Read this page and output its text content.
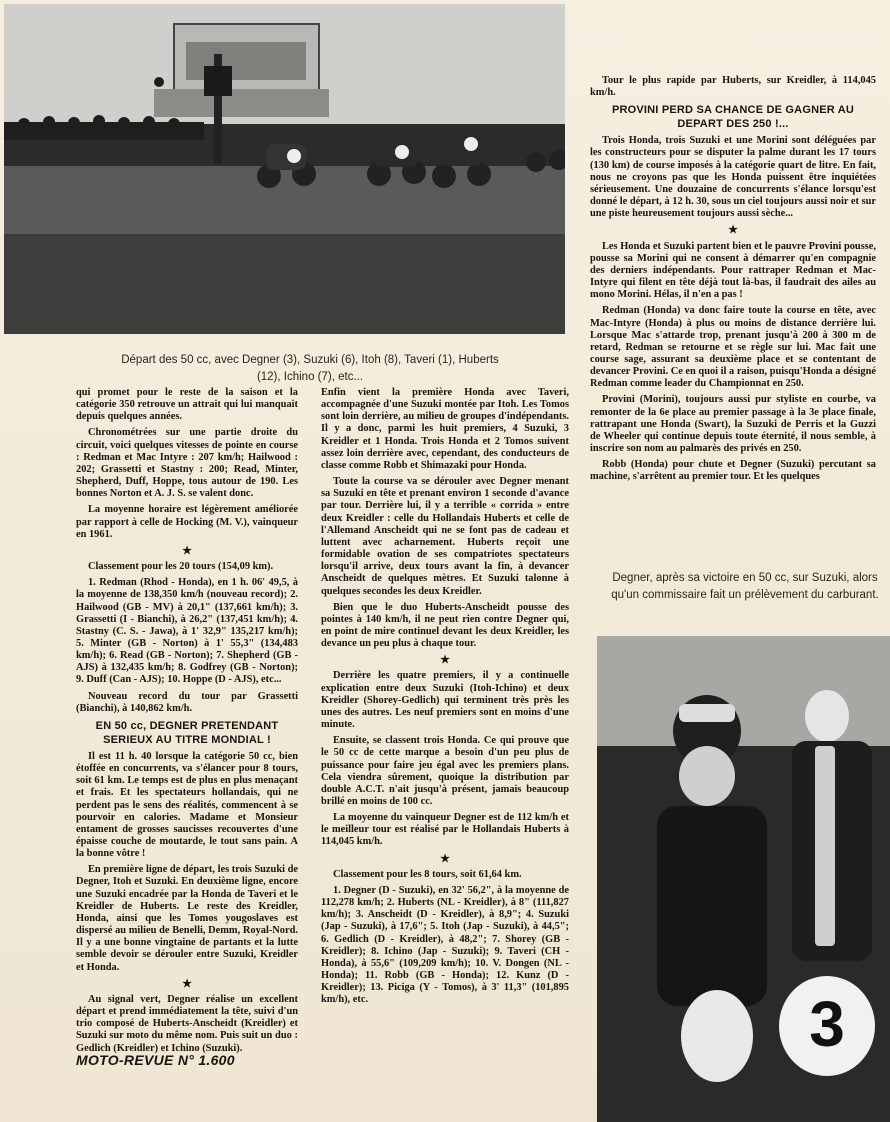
Départ des 50 cc, avec Degner (3), Suzuki (6), Itoh (8), Taveri (1), Huberts (12), Ichino (7), etc...

qui promet pour le reste de la saison et la catégorie 350 retrouve un attrait qui lui manquait depuis quelques années.

Chronométrées sur une partie droite du circuit, voici quelques vitesses de pointe en course : Redman et Mac Intyre : 207 km/h; Hailwood : 202; Grassetti et Stastny : 200; Read, Minter, Shepherd, Duff, Hoppe, tous autour de 190. Les bonnes Norton et A. J. S. se valent donc.

La moyenne horaire est légèrement améliorée par rapport à celle de Hocking (M. V.), vainqueur en 1961.

★

Classement pour les 20 tours (154,09 km).

1. Redman (Rhod - Honda), en 1 h. 06' 49,5, à la moyenne de 138,350 km/h (nouveau record); 2. Hailwood (GB - MV) à 20,1" (137,661 km/h); 3. Grassetti (I - Bianchi), à 26,2" (137,451 km/h); 4. Stastny (C. S. - Jawa), à 1' 32,9" 135,217 km/h); 5. Minter (GB - Norton) à 1' 55,3" (134,483 km/h); 6. Read (GB - Norton); 7. Shepherd (GB - AJS) à 132,435 km/h; 8. Godfrey (GB - Norton); 9. Duff (Can - AJS); 10. Hoppe (D - AJS), etc...

Nouveau record du tour par Grassetti (Bianchi), à 140,862 km/h.

EN 50 cc, DEGNER PRETENDANT SERIEUX AU TITRE MONDIAL !

Il est 11 h. 40 lorsque la catégorie 50 cc, bien étoffée en concurrents, va s'élancer pour 8 tours, soit 61 km. Le temps est de plus en plus menaçant et frais. Et les spectateurs hollandais, qui ne perdent pas le sens des réalités, commencent à se pourvoir en calories. Madame et Monsieur entament de grosses saucisses recouvertes d'une épaisse couche de moutarde, le tout sans pain. A la bonne vôtre !

En première ligne de départ, les trois Suzuki de Degner, Itoh et Suzuki. En deuxième ligne, encore une Suzuki encadrée par la Honda de Taveri et le Kreidler de Huberts. Le reste des Kreidler, Honda, ainsi que les Tomos yougoslaves est dispersé au milieu de Benelli, Demm, Royal-Nord. Il y a une bonne vingtaine de partants et la lutte semble devoir se dérouler entre Suzuki, Kreidler et Honda.

★

Au signal vert, Degner réalise un excellent départ et prend immédiatement la tête, suivi d'un trio composé de Huberts-Anscheidt (Kreidler) et Suzuki sur moto du même nom. Puis suit un duo : Gedlich (Kreidler) et Ichino (Suzuki).

Enfin vient la première Honda avec Taveri, accompagnée d'une Suzuki montée par Itoh. Les Tomos sont loin derrière, au milieu de groupes d'indépendants. Il y a donc, parmi les huit premiers, 4 Suzuki, 3 Kreidler et 1 Honda. Trois Honda et 2 Tomos suivent assez loin derrière avec, cependant, des conducteurs de classe comme Robb et Shimazaki pour Honda.

Toute la course va se dérouler avec Degner menant sa Suzuki en tête et prenant environ 1 seconde d'avance par tour. Derrière lui, il y a terrible « corrida » entre deux Kreidler : celle du Hollandais Huberts et celle de l'Allemand Anscheidt qui ne se font pas de cadeau et luttent avec acharnement. Huberts reçoit une formidable ovation de ses compatriotes spectateurs lorsqu'il arrive, deux tours avant la fin, à devancer Anscheidt de quelques mètres. Et Suzuki talonne à quelques secondes les deux Kreidler.

Bien que le duo Huberts-Anscheidt pousse des pointes à 140 km/h, il ne peut rien contre Degner qui, en point de mire continuel devant les deux Kreidler, les devance un peu plus à chaque tour.

★

Derrière les quatre premiers, il y a continuelle explication entre deux Suzuki (Itoh-Ichino) et deux Kreidler (Shorey-Gedlich) qui terminent très près les unes des autres. Les neuf premiers sont en moins d'une minute.

Ensuite, se classent trois Honda. Ce qui prouve que le 50 cc de cette marque a besoin d'un peu plus de puissance pour faire jeu égal avec les premiers plans. Cela viendra sûrement, quoique la distribution par double A.C.T. n'ait jusqu'à présent, jamais beaucoup brillé en moins de 100 cc.

La moyenne du vainqueur Degner est de 112 km/h et le meilleur tour est réalisé par le Hollandais Huberts à 114,045 km/h.

★

Classement pour les 8 tours, soit 61,64 km.

1. Degner (D - Suzuki), en 32' 56,2", à la moyenne de 112,278 km/h; 2. Huberts (NL - Kreidler), à 8" (111,827 km/h); 3. Anscheidt (D - Kreidler), à 8,9"; 4. Suzuki (Jap - Suzuki), à 17,6"; 5. Itoh (Jap - Suzuki), à 44,5"; 6. Gedlich (D - Kreidler), à 48,2"; 7. Shorey (GB - Kreidler); 8. Ichino (Jap - Suzuki); 9. Taveri (CH - Honda), à 55,6" (109,209 km/h); 10. V. Dongen (NL - Honda); 11. Robb (GB - Honda); 12. Kunz (D - Kreidler); 13. Piciga (Y - Tomos), à 3' 11,3" (101,895 km/h), etc.

Tour le plus rapide par Huberts, sur Kreidler, à 114,045 km/h.

PROVINI PERD SA CHANCE DE GAGNER AU DEPART DES 250 !...

Trois Honda, trois Suzuki et une Morini sont déléguées par les constructeurs pour se disputer la palme durant les 17 tours (130 km) de course imposés à la catégorie quart de litre. En fait, nous ne croyons pas que les Honda puissent être inquiétées sérieusement. Une douzaine de concurrents s'élance lorsqu'est donné le départ, à 12 h. 30, sous un ciel toujours aussi noir et sur une piste heureusement toujours aussi sèche...

★

Les Honda et Suzuki partent bien et le pauvre Provini pousse, pousse sa Morini qui ne consent à démarrer qu'en compagnie des derniers indépendants. Pour rattraper Redman et Mac-Intyre qui filent en tête déjà tout là-bas, il faudrait des ailes au mono Morini. Hélas, il n'en a pas !

Redman (Honda) va donc faire toute la course en tête, avec Mac-Intyre (Honda) à plus ou moins de distance derrière lui. Lorsque Mac s'attarde trop, prenant jusqu'à 200 à 300 m de retard, Redman se retourne et se règle sur lui. Mac fait une course sage, assurant sa deuxième place et se contentant de devancer Provini. Ce en quoi il a raison, puisqu'Honda a désigné Redman comme leader du Championnat en 250.

Provini (Morini), toujours aussi pur styliste en courbe, va remonter de la 6e place au premier passage à la 3e place finale, rattrapant une Honda (Swart), la Suzuki de Perris et la Guzzi de Wheeler qui continue depuis toute éternité, il nous semble, à inscrire son nom au palmarès des privés en 250.

Robb (Honda) pour chute et Degner (Suzuki) percutant sa machine, s'arrêtent au premier tour. Et les quelques

Degner, après sa victoire en 50 cc, sur Suzuki, alors qu'un commissaire fait un prélèvement du carburant.
3
MOTO-REVUE N° 1.600
